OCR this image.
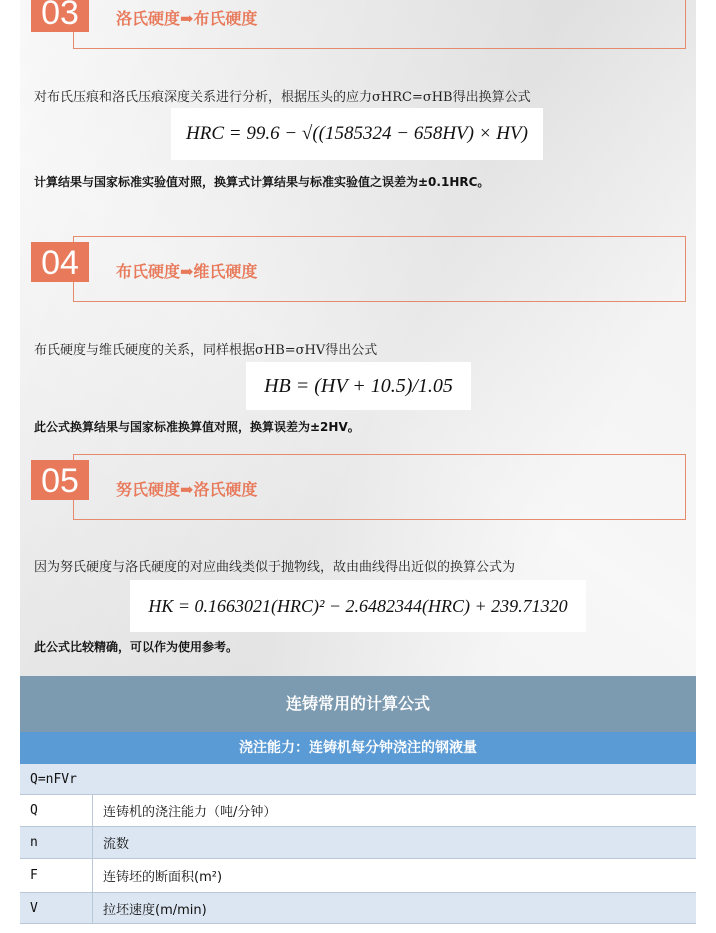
03	洛氏硬度➡布氏硬度
对布氏压痕和洛氏压痕深度关系进行分析，根据压头的应力σHRC=σHB得出换算公式
HRC = 99.6 − √((1585324 − 658HV) × HV)
计算结果与国家标准实验值对照，换算式计算结果与标准实验值之误差为±0.1HRC。
04	布氏硬度➡维氏硬度
布氏硬度与维氏硬度的关系，同样根据σHB=σHV得出公式
HB = (HV + 10.5)/1.05
此公式换算结果与国家标准换算值对照，换算误差为±2HV。
05	努氏硬度➡洛氏硬度
因为努氏硬度与洛氏硬度的对应曲线类似于抛物线，故由曲线得出近似的换算公式为
HK = 0.1663021(HRC)² − 2.6482344(HRC) + 239.71320
此公式比较精确，可以作为使用参考。
连铸常用的计算公式
浇注能力：连铸机每分钟浇注的钢液量
Q=nFVr
Q	连铸机的浇注能力（吨/分钟）
n	流数
F	连铸坯的断面积(m²)
V	拉坯速度(m/min)
